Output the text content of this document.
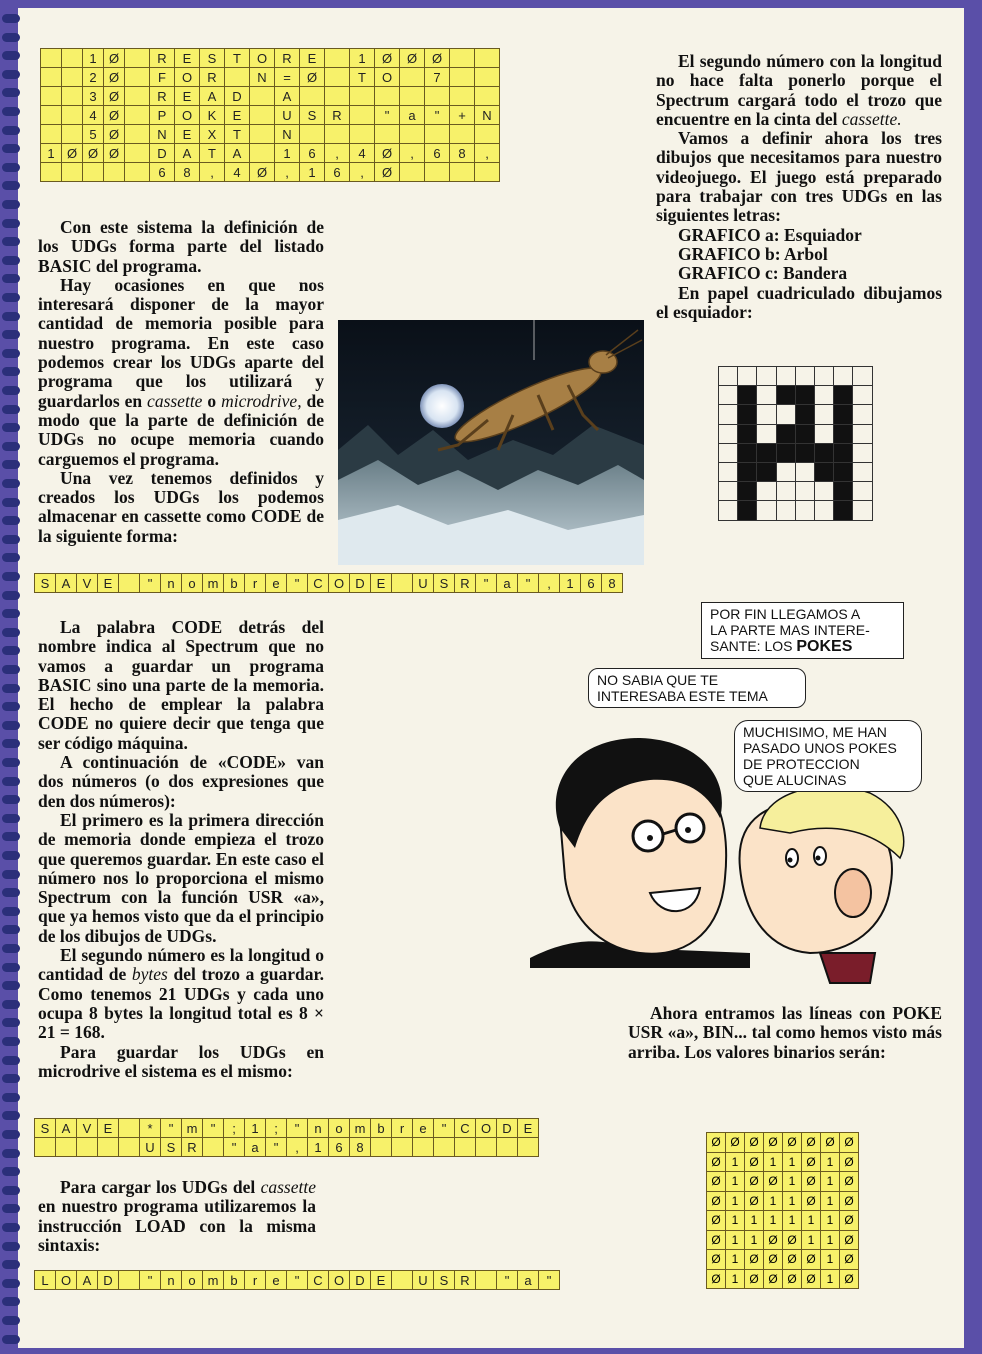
		1	Ø		R	E	S	T	O	R	E		1	Ø	Ø	Ø		
		2	Ø		F	O	R		N	=	Ø		T	O		7		
		3	Ø		R	E	A	D		A								
		4	Ø		P	O	K	E		U	S	R		"	a	"	+	N
		5	Ø		N	E	X	T		N								
1	Ø	Ø	Ø		D	A	T	A		1	6	,	4	Ø	,	6	8	,
					6	8	,	4	Ø	,	1	6	,	Ø				

Con este sistema la definición de los UDGs forma parte del listado BASIC del programa.

Hay ocasiones en que nos interesará disponer de la mayor cantidad de memoria posible para nuestro programa. En este caso podemos crear los UDGs aparte del programa que los utilizará y guardarlos en cassette o microdrive, de modo que la parte de definición de UDGs no ocupe memoria cuando carguemos el programa.

Una vez tenemos definidos y creados los UDGs los podemos almacenar en cassette como CODE de la siguiente forma:

S	A	V	E		"	n	o	m	b	r	e	"	C	O	D	E		U	S	R	"	a	"	,	1	6	8

La palabra CODE detrás del nombre indica al Spectrum que no vamos a guardar un programa BASIC sino una parte de la memoria. El hecho de emplear la palabra CODE no quiere decir que tenga que ser código máquina.

A continuación de «CODE» van dos números (o dos expresiones que den dos números):

El primero es la primera dirección de memoria donde empieza el trozo que queremos guardar. En este caso el número nos lo proporciona el mismo Spectrum con la función USR «a», que ya hemos visto que da el principio de los dibujos de UDGs.

El segundo número es la longitud o cantidad de bytes del trozo a guardar. Como tenemos 21 UDGs y cada uno ocupa 8 bytes la longitud total es 8 × 21 = 168.

Para guardar los UDGs en microdrive el sistema es el mismo:

S	A	V	E		*	"	m	"	;	1	;	"	n	o	m	b	r	e	"	C	O	D	E
					U	S	R		"	a	"	,	1	6	8								

Para cargar los UDGs del cassette en nuestro programa utilizaremos la instrucción LOAD con la misma sintaxis:

L	O	A	D		"	n	o	m	b	r	e	"	C	O	D	E		U	S	R		"	a	"

El segundo número con la longitud no hace falta ponerlo porque el Spectrum cargará todo el trozo que encuentre en la cinta del cassette.

Vamos a definir ahora los tres dibujos que necesitamos para nuestro videojuego. El juego está preparado para trabajar con tres UDGs en las siguientes letras:

GRAFICO a: Esquiador

GRAFICO b: Arbol

GRAFICO c: Bandera

En papel cuadriculado dibujamos el esquiador:

POR FIN LLEGAMOS A
LA PARTE MAS INTERE-
SANTE: LOS POKES
NO SABIA QUE TE
INTERESABA ESTE TEMA
MUCHISIMO, ME HAN
PASADO UNOS POKES
DE PROTECCION
QUE ALUCINAS

Ahora entramos las líneas con POKE USR «a», BIN... tal como hemos visto más arriba. Los valores binarios serán:

Ø	Ø	Ø	Ø	Ø	Ø	Ø	Ø
Ø	1	Ø	1	1	Ø	1	Ø
Ø	1	Ø	Ø	1	Ø	1	Ø
Ø	1	Ø	1	1	Ø	1	Ø
Ø	1	1	1	1	1	1	Ø
Ø	1	1	Ø	Ø	1	1	Ø
Ø	1	Ø	Ø	Ø	Ø	1	Ø
Ø	1	Ø	Ø	Ø	Ø	1	Ø
